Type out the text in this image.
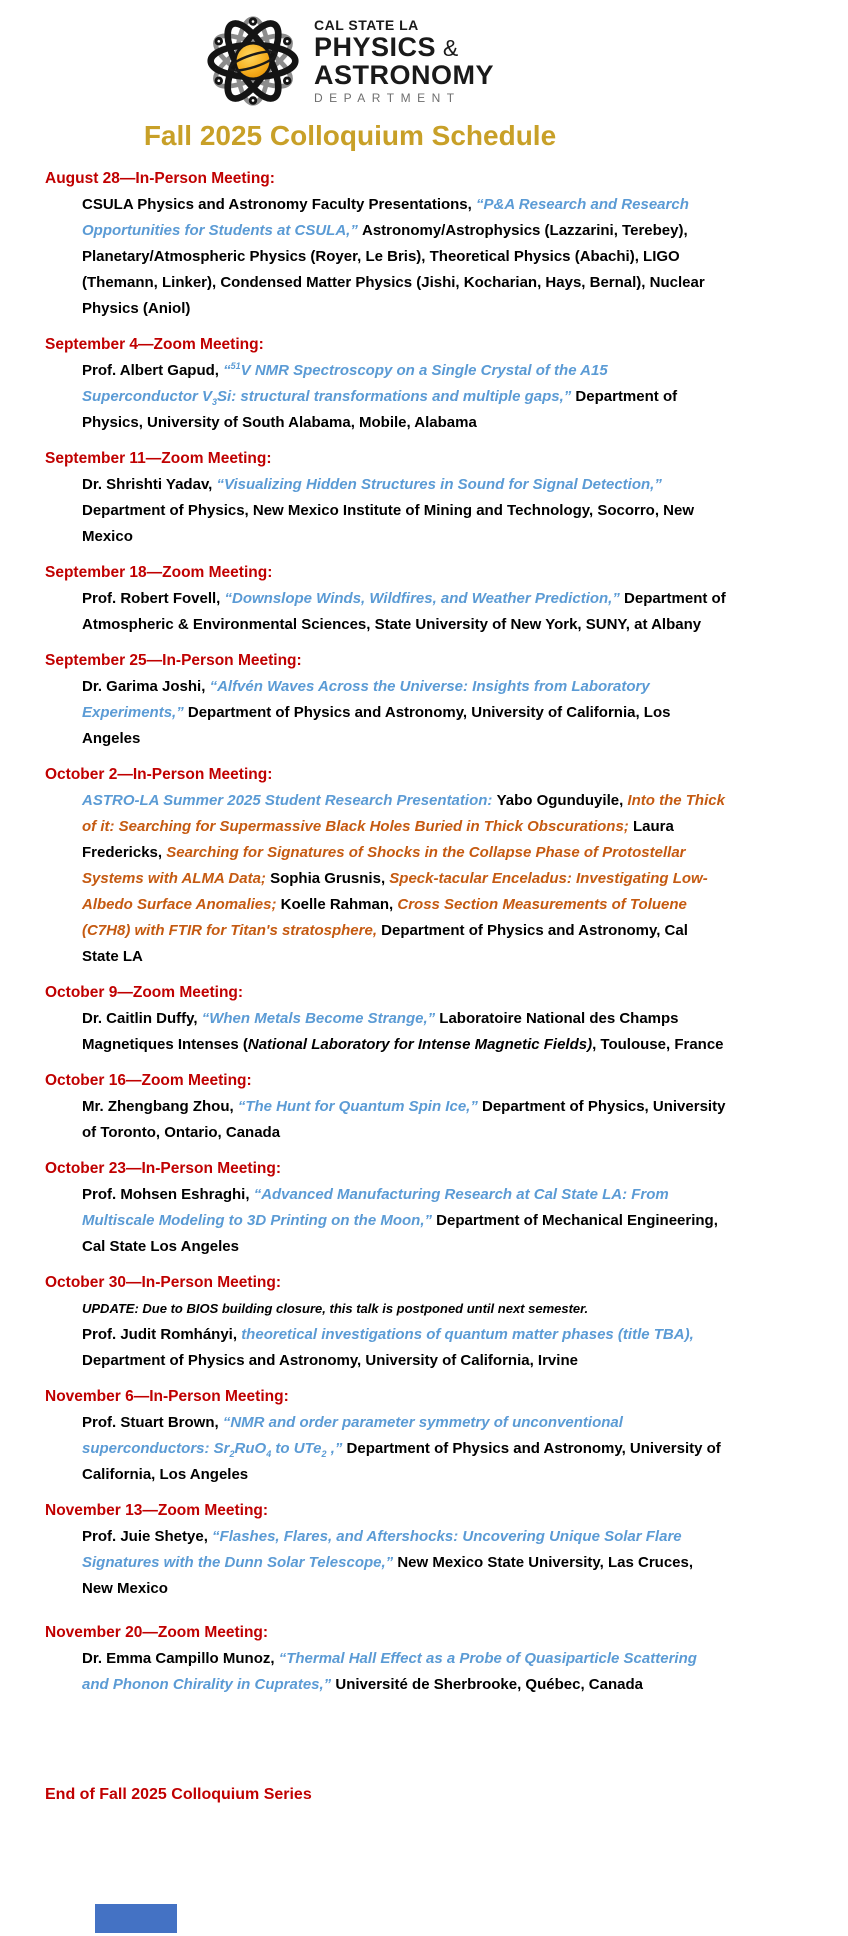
CAL STATE LA
PHYSICS &
ASTRONOMY
DEPARTMENT
Fall 2025 Colloquium Schedule
August 28—In-Person Meeting:
CSULA Physics and Astronomy Faculty Presentations, “P&A Research and Research Opportunities for Students at CSULA,” Astronomy/Astrophysics (Lazzarini, Terebey), Planetary/Atmospheric Physics (Royer, Le Bris), Theoretical Physics (Abachi), LIGO (Themann, Linker), Condensed Matter Physics (Jishi, Kocharian, Hays, Bernal), Nuclear Physics (Aniol)
September 4—Zoom Meeting:
Prof. Albert Gapud, “$^{51}$V NMR Spectroscopy on a Single Crystal of the A15 Superconductor $V_3Si$: structural transformations and multiple gaps,” Department of Physics, University of South Alabama, Mobile, Alabama
September 11—Zoom Meeting:
Dr. Shrishti Yadav, “Visualizing Hidden Structures in Sound for Signal Detection,” Department of Physics, New Mexico Institute of Mining and Technology, Socorro, New Mexico
September 18—Zoom Meeting:
Prof. Robert Fovell, “Downslope Winds, Wildfires, and Weather Prediction,” Department of Atmospheric & Environmental Sciences, State University of New York, SUNY, at Albany
September 25—In-Person Meeting:
Dr. Garima Joshi, “Alfvén Waves Across the Universe: Insights from Laboratory Experiments,” Department of Physics and Astronomy, University of California, Los Angeles
October 2—In-Person Meeting:
ASTRO-LA Summer 2025 Student Research Presentation: Yabo Ogunduyile, Into the Thick of it: Searching for Supermassive Black Holes Buried in Thick Obscurations; Laura Fredericks, Searching for Signatures of Shocks in the Collapse Phase of Protostellar Systems with ALMA Data; Sophia Grusnis, Speck-tacular Enceladus: Investigating Low-Albedo Surface Anomalies; Koelle Rahman, Cross Section Measurements of Toluene (C7H8) with FTIR for Titan's stratosphere, Department of Physics and Astronomy, Cal State LA
October 9—Zoom Meeting:
Dr. Caitlin Duffy, “When Metals Become Strange,” Laboratoire National des Champs Magnetiques Intenses (National Laboratory for Intense Magnetic Fields), Toulouse, France
October 16—Zoom Meeting:
Mr. Zhengbang Zhou, “The Hunt for Quantum Spin Ice,” Department of Physics, University of Toronto, Ontario, Canada
October 23—In-Person Meeting:
Prof. Mohsen Eshraghi, “Advanced Manufacturing Research at Cal State LA: From Multiscale Modeling to 3D Printing on the Moon,” Department of Mechanical Engineering, Cal State Los Angeles
October 30—In-Person Meeting:
UPDATE: Due to BIOS building closure, this talk is postponed until next semester.
Prof. Judit Romhányi, theoretical investigations of quantum matter phases (title TBA), Department of Physics and Astronomy, University of California, Irvine
November 6—In-Person Meeting:
Prof. Stuart Brown, “NMR and order parameter symmetry of unconventional superconductors: $Sr_2RuO_4$ to UTe$_2$ ,” Department of Physics and Astronomy, University of California, Los Angeles
November 13—Zoom Meeting:
Prof. Juie Shetye, “Flashes, Flares, and Aftershocks: Uncovering Unique Solar Flare Signatures with the Dunn Solar Telescope,” New Mexico State University, Las Cruces, New Mexico
November 20—Zoom Meeting:
Dr. Emma Campillo Munoz, “Thermal Hall Effect as a Probe of Quasiparticle Scattering and Phonon Chirality in Cuprates,” Université de Sherbrooke, Québec, Canada
End of Fall 2025 Colloquium Series
